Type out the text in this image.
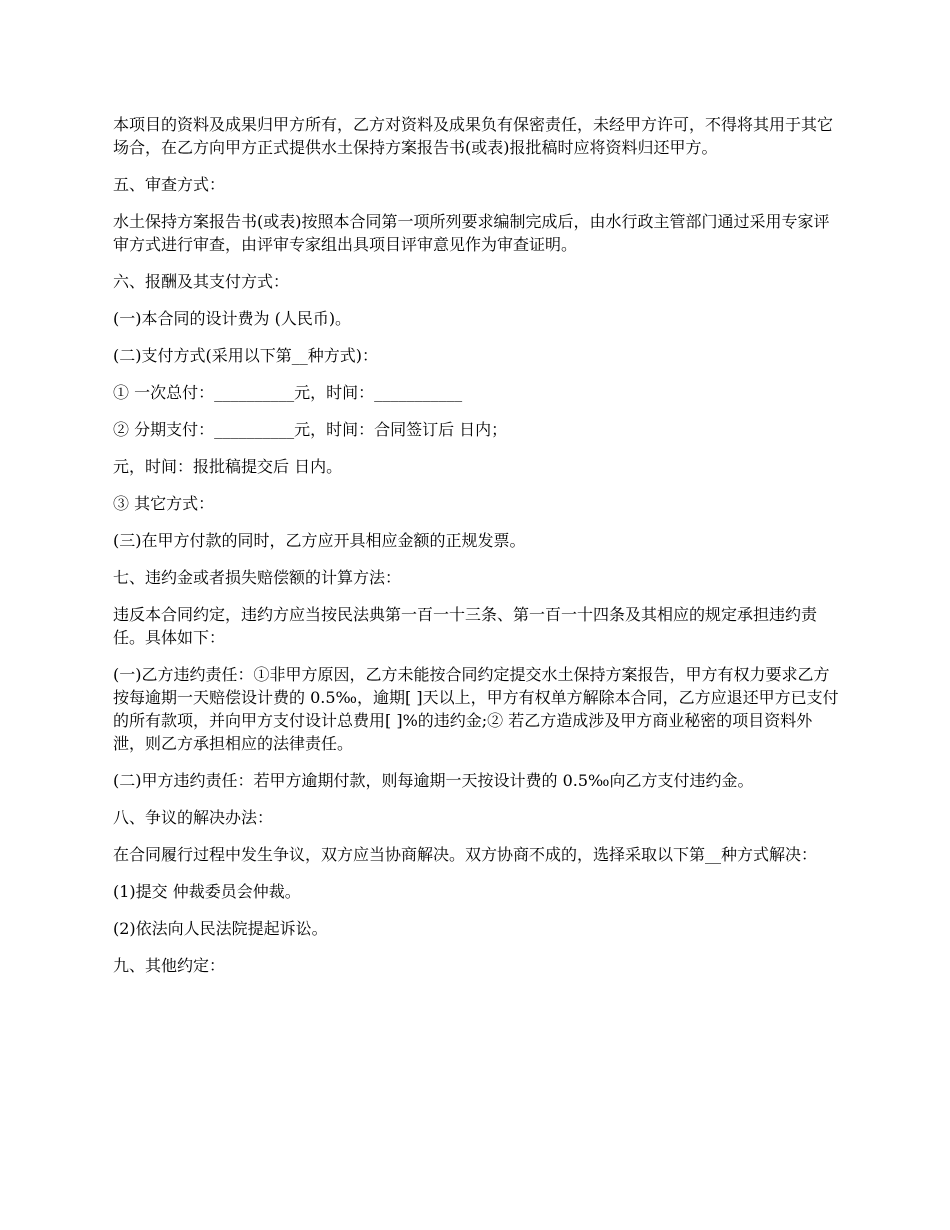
本项目的资料及成果归甲方所有，乙方对资料及成果负有保密责任，未经甲方许可，不得将其用于其它场合，在乙方向甲方正式提供水土保持方案报告书(或表)报批稿时应将资料归还甲方。

五、审查方式：

水土保持方案报告书(或表)按照本合同第一项所列要求编制完成后，由水行政主管部门通过采用专家评审方式进行审查，由评审专家组出具项目评审意见作为审查证明。

六、报酬及其支付方式：

(一)本合同的设计费为 (人民币)。

(二)支付方式(采用以下第__种方式)：

① 一次总付：__________元，时间：___________

② 分期支付：__________元，时间：合同签订后 日内；

元，时间：报批稿提交后 日内。

③ 其它方式：

(三)在甲方付款的同时，乙方应开具相应金额的正规发票。

七、违约金或者损失赔偿额的计算方法：

违反本合同约定，违约方应当按民法典第一百一十三条、第一百一十四条及其相应的规定承担违约责任。具体如下：

(一)乙方违约责任：①非甲方原因，乙方未能按合同约定提交水土保持方案报告，甲方有权力要求乙方按每逾期一天赔偿设计费的 0.5‰，逾期[ ]天以上，甲方有权单方解除本合同，乙方应退还甲方已支付的所有款项，并向甲方支付设计总费用[ ]%的违约金;② 若乙方造成涉及甲方商业秘密的项目资料外泄，则乙方承担相应的法律责任。

(二)甲方违约责任：若甲方逾期付款，则每逾期一天按设计费的 0.5‰向乙方支付违约金。

八、争议的解决办法：

在合同履行过程中发生争议，双方应当协商解决。双方协商不成的，选择采取以下第__种方式解决：

(1)提交 仲裁委员会仲裁。

(2)依法向人民法院提起诉讼。

九、其他约定：
